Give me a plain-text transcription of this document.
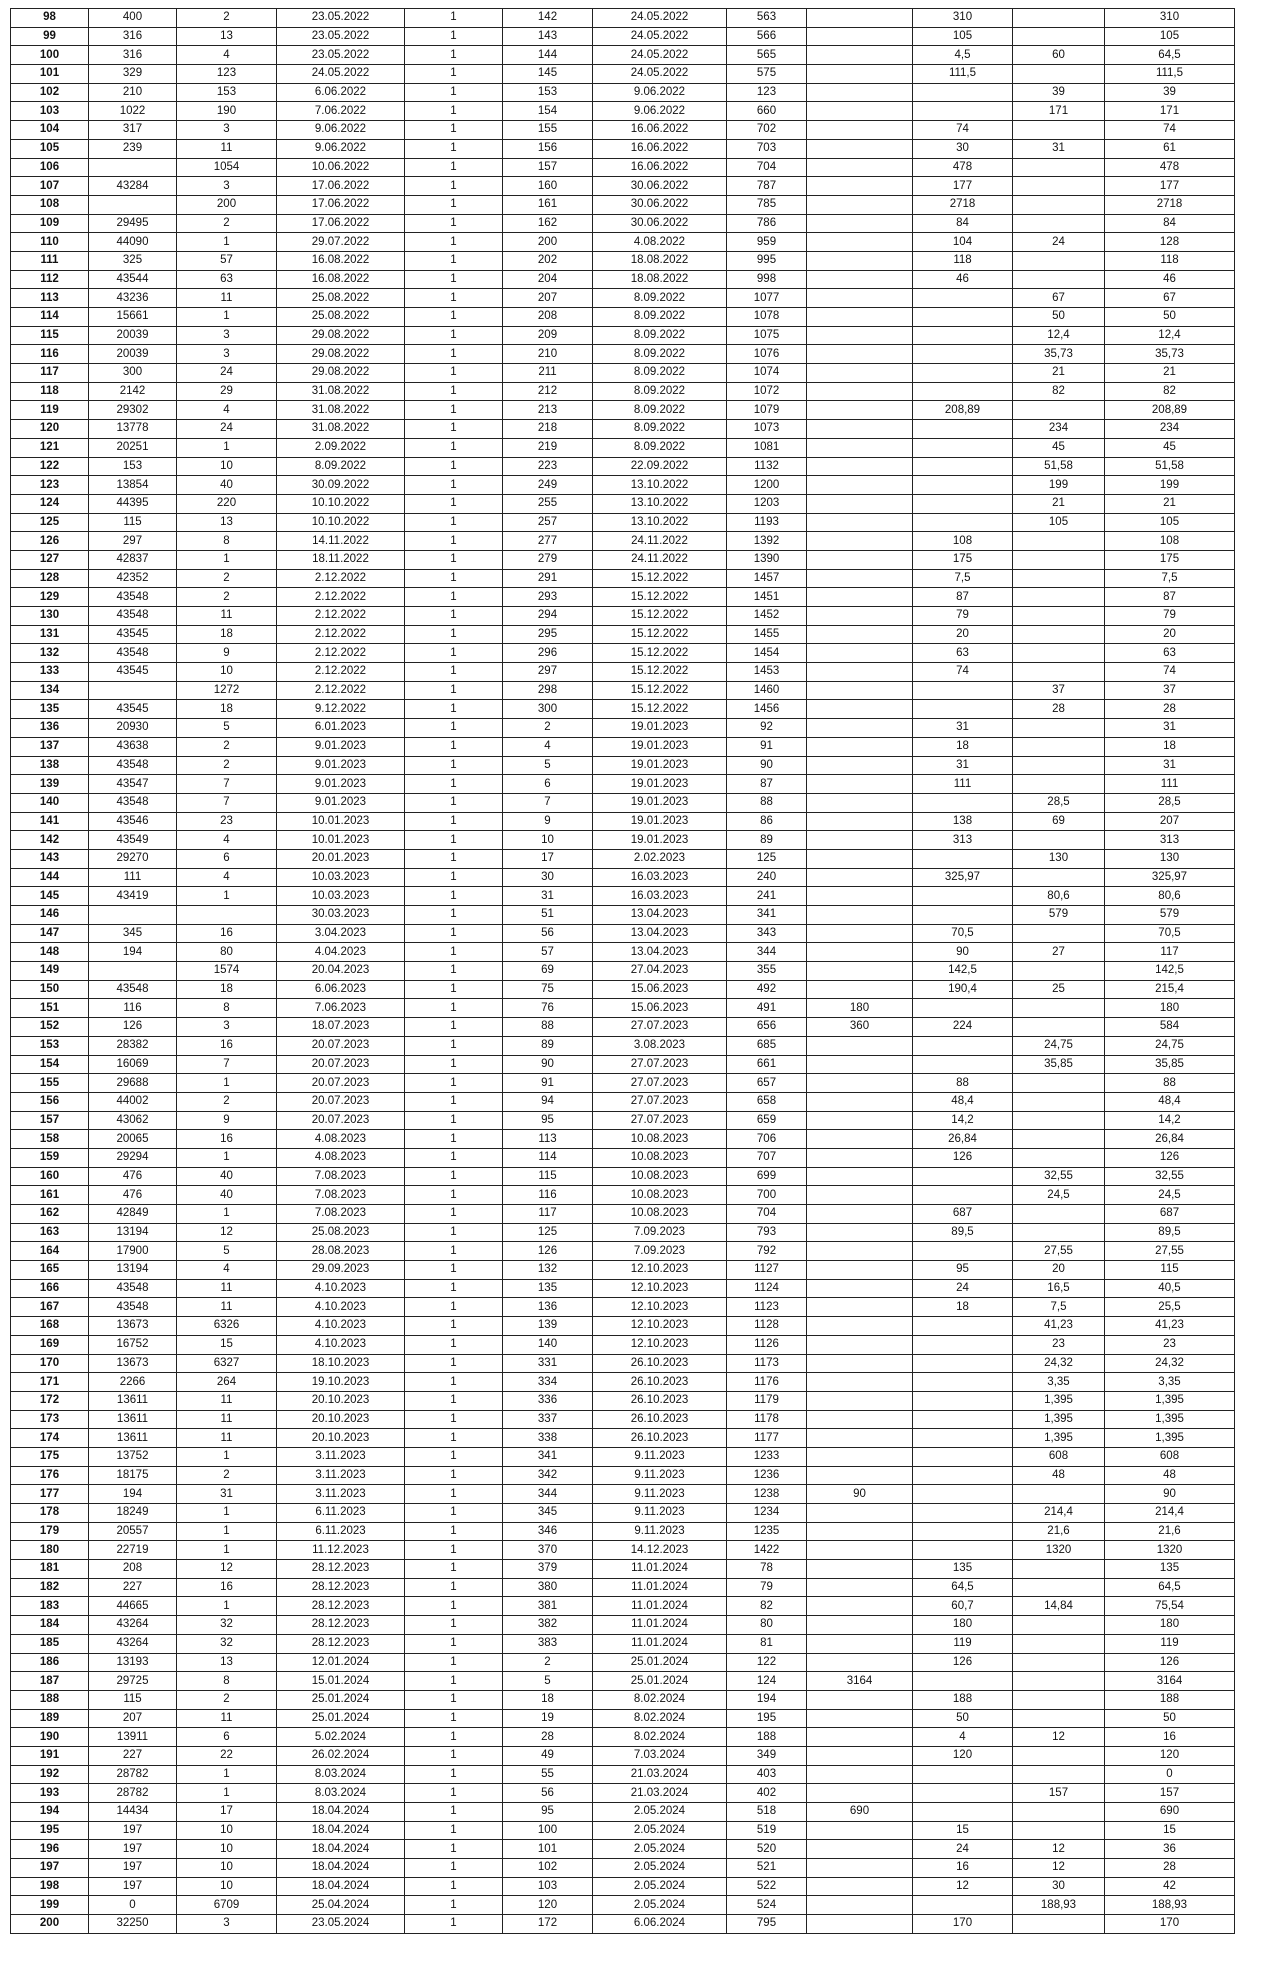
98	400	2	23.05.2022	1	142	24.05.2022	563		310		310
99	316	13	23.05.2022	1	143	24.05.2022	566		105		105
100	316	4	23.05.2022	1	144	24.05.2022	565		4,5	60	64,5
101	329	123	24.05.2022	1	145	24.05.2022	575		111,5		111,5
102	210	153	6.06.2022	1	153	9.06.2022	123			39	39
103	1022	190	7.06.2022	1	154	9.06.2022	660			171	171
104	317	3	9.06.2022	1	155	16.06.2022	702		74		74
105	239	11	9.06.2022	1	156	16.06.2022	703		30	31	61
106		1054	10.06.2022	1	157	16.06.2022	704		478		478
107	43284	3	17.06.2022	1	160	30.06.2022	787		177		177
108		200	17.06.2022	1	161	30.06.2022	785		2718		2718
109	29495	2	17.06.2022	1	162	30.06.2022	786		84		84
110	44090	1	29.07.2022	1	200	4.08.2022	959		104	24	128
111	325	57	16.08.2022	1	202	18.08.2022	995		118		118
112	43544	63	16.08.2022	1	204	18.08.2022	998		46		46
113	43236	11	25.08.2022	1	207	8.09.2022	1077			67	67
114	15661	1	25.08.2022	1	208	8.09.2022	1078			50	50
115	20039	3	29.08.2022	1	209	8.09.2022	1075			12,4	12,4
116	20039	3	29.08.2022	1	210	8.09.2022	1076			35,73	35,73
117	300	24	29.08.2022	1	211	8.09.2022	1074			21	21
118	2142	29	31.08.2022	1	212	8.09.2022	1072			82	82
119	29302	4	31.08.2022	1	213	8.09.2022	1079		208,89		208,89
120	13778	24	31.08.2022	1	218	8.09.2022	1073			234	234
121	20251	1	2.09.2022	1	219	8.09.2022	1081			45	45
122	153	10	8.09.2022	1	223	22.09.2022	1132			51,58	51,58
123	13854	40	30.09.2022	1	249	13.10.2022	1200			199	199
124	44395	220	10.10.2022	1	255	13.10.2022	1203			21	21
125	115	13	10.10.2022	1	257	13.10.2022	1193			105	105
126	297	8	14.11.2022	1	277	24.11.2022	1392		108		108
127	42837	1	18.11.2022	1	279	24.11.2022	1390		175		175
128	42352	2	2.12.2022	1	291	15.12.2022	1457		7,5		7,5
129	43548	2	2.12.2022	1	293	15.12.2022	1451		87		87
130	43548	11	2.12.2022	1	294	15.12.2022	1452		79		79
131	43545	18	2.12.2022	1	295	15.12.2022	1455		20		20
132	43548	9	2.12.2022	1	296	15.12.2022	1454		63		63
133	43545	10	2.12.2022	1	297	15.12.2022	1453		74		74
134		1272	2.12.2022	1	298	15.12.2022	1460			37	37
135	43545	18	9.12.2022	1	300	15.12.2022	1456			28	28
136	20930	5	6.01.2023	1	2	19.01.2023	92		31		31
137	43638	2	9.01.2023	1	4	19.01.2023	91		18		18
138	43548	2	9.01.2023	1	5	19.01.2023	90		31		31
139	43547	7	9.01.2023	1	6	19.01.2023	87		111		111
140	43548	7	9.01.2023	1	7	19.01.2023	88			28,5	28,5
141	43546	23	10.01.2023	1	9	19.01.2023	86		138	69	207
142	43549	4	10.01.2023	1	10	19.01.2023	89		313		313
143	29270	6	20.01.2023	1	17	2.02.2023	125			130	130
144	111	4	10.03.2023	1	30	16.03.2023	240		325,97		325,97
145	43419	1	10.03.2023	1	31	16.03.2023	241			80,6	80,6
146			30.03.2023	1	51	13.04.2023	341			579	579
147	345	16	3.04.2023	1	56	13.04.2023	343		70,5		70,5
148	194	80	4.04.2023	1	57	13.04.2023	344		90	27	117
149		1574	20.04.2023	1	69	27.04.2023	355		142,5		142,5
150	43548	18	6.06.2023	1	75	15.06.2023	492		190,4	25	215,4
151	116	8	7.06.2023	1	76	15.06.2023	491	180			180
152	126	3	18.07.2023	1	88	27.07.2023	656	360	224		584
153	28382	16	20.07.2023	1	89	3.08.2023	685			24,75	24,75
154	16069	7	20.07.2023	1	90	27.07.2023	661			35,85	35,85
155	29688	1	20.07.2023	1	91	27.07.2023	657		88		88
156	44002	2	20.07.2023	1	94	27.07.2023	658		48,4		48,4
157	43062	9	20.07.2023	1	95	27.07.2023	659		14,2		14,2
158	20065	16	4.08.2023	1	113	10.08.2023	706		26,84		26,84
159	29294	1	4.08.2023	1	114	10.08.2023	707		126		126
160	476	40	7.08.2023	1	115	10.08.2023	699			32,55	32,55
161	476	40	7.08.2023	1	116	10.08.2023	700			24,5	24,5
162	42849	1	7.08.2023	1	117	10.08.2023	704		687		687
163	13194	12	25.08.2023	1	125	7.09.2023	793		89,5		89,5
164	17900	5	28.08.2023	1	126	7.09.2023	792			27,55	27,55
165	13194	4	29.09.2023	1	132	12.10.2023	1127		95	20	115
166	43548	11	4.10.2023	1	135	12.10.2023	1124		24	16,5	40,5
167	43548	11	4.10.2023	1	136	12.10.2023	1123		18	7,5	25,5
168	13673	6326	4.10.2023	1	139	12.10.2023	1128			41,23	41,23
169	16752	15	4.10.2023	1	140	12.10.2023	1126			23	23
170	13673	6327	18.10.2023	1	331	26.10.2023	1173			24,32	24,32
171	2266	264	19.10.2023	1	334	26.10.2023	1176			3,35	3,35
172	13611	11	20.10.2023	1	336	26.10.2023	1179			1,395	1,395
173	13611	11	20.10.2023	1	337	26.10.2023	1178			1,395	1,395
174	13611	11	20.10.2023	1	338	26.10.2023	1177			1,395	1,395
175	13752	1	3.11.2023	1	341	9.11.2023	1233			608	608
176	18175	2	3.11.2023	1	342	9.11.2023	1236			48	48
177	194	31	3.11.2023	1	344	9.11.2023	1238	90			90
178	18249	1	6.11.2023	1	345	9.11.2023	1234			214,4	214,4
179	20557	1	6.11.2023	1	346	9.11.2023	1235			21,6	21,6
180	22719	1	11.12.2023	1	370	14.12.2023	1422			1320	1320
181	208	12	28.12.2023	1	379	11.01.2024	78		135		135
182	227	16	28.12.2023	1	380	11.01.2024	79		64,5		64,5
183	44665	1	28.12.2023	1	381	11.01.2024	82		60,7	14,84	75,54
184	43264	32	28.12.2023	1	382	11.01.2024	80		180		180
185	43264	32	28.12.2023	1	383	11.01.2024	81		119		119
186	13193	13	12.01.2024	1	2	25.01.2024	122		126		126
187	29725	8	15.01.2024	1	5	25.01.2024	124	3164			3164
188	115	2	25.01.2024	1	18	8.02.2024	194		188		188
189	207	11	25.01.2024	1	19	8.02.2024	195		50		50
190	13911	6	5.02.2024	1	28	8.02.2024	188		4	12	16
191	227	22	26.02.2024	1	49	7.03.2024	349		120		120
192	28782	1	8.03.2024	1	55	21.03.2024	403				0
193	28782	1	8.03.2024	1	56	21.03.2024	402			157	157
194	14434	17	18.04.2024	1	95	2.05.2024	518	690			690
195	197	10	18.04.2024	1	100	2.05.2024	519		15		15
196	197	10	18.04.2024	1	101	2.05.2024	520		24	12	36
197	197	10	18.04.2024	1	102	2.05.2024	521		16	12	28
198	197	10	18.04.2024	1	103	2.05.2024	522		12	30	42
199	0	6709	25.04.2024	1	120	2.05.2024	524			188,93	188,93
200	32250	3	23.05.2024	1	172	6.06.2024	795		170		170
